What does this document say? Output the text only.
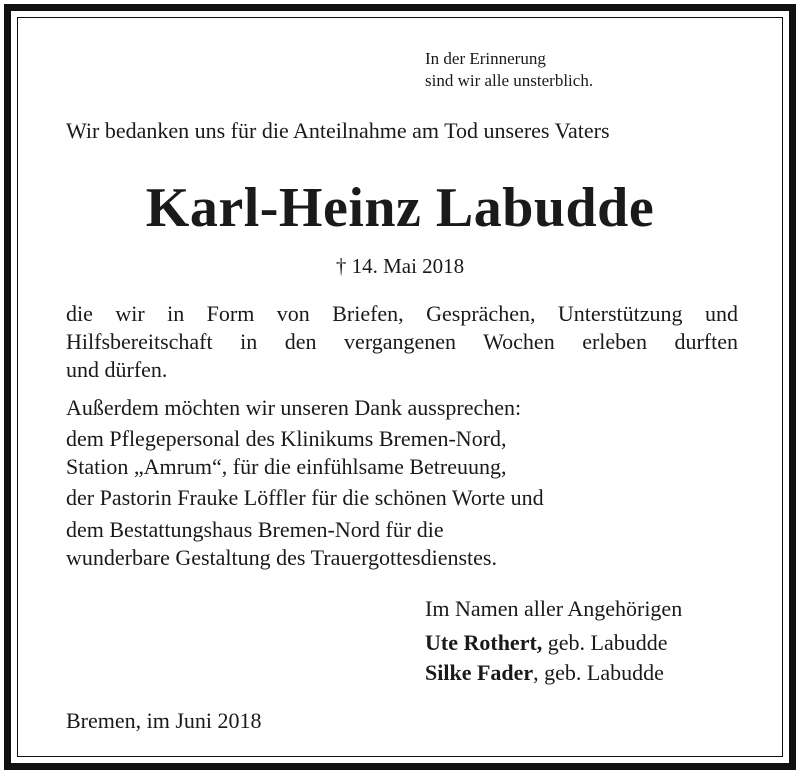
In der Erinnerung
sind wir alle unsterblich.
Wir bedanken uns für die Anteilnahme am Tod unseres Vaters
Karl-Heinz Labudde
† 14. Mai 2018
die wir in Form von Briefen, Gesprächen, Unterstützung und
Hilfsbereitschaft in den vergangenen Wochen erleben durften
und dürfen.
Außerdem möchten wir unseren Dank aussprechen:
dem Pflegepersonal des Klinikums Bremen-Nord,
Station „Amrum“, für die einfühlsame Betreuung,
der Pastorin Frauke Löffler für die schönen Worte und
dem Bestattungshaus Bremen-Nord für die
wunderbare Gestaltung des Trauergottesdienstes.
Im Namen aller Angehörigen
Ute Rothert, geb. Labudde
Silke Fader, geb. Labudde
Bremen, im Juni 2018
